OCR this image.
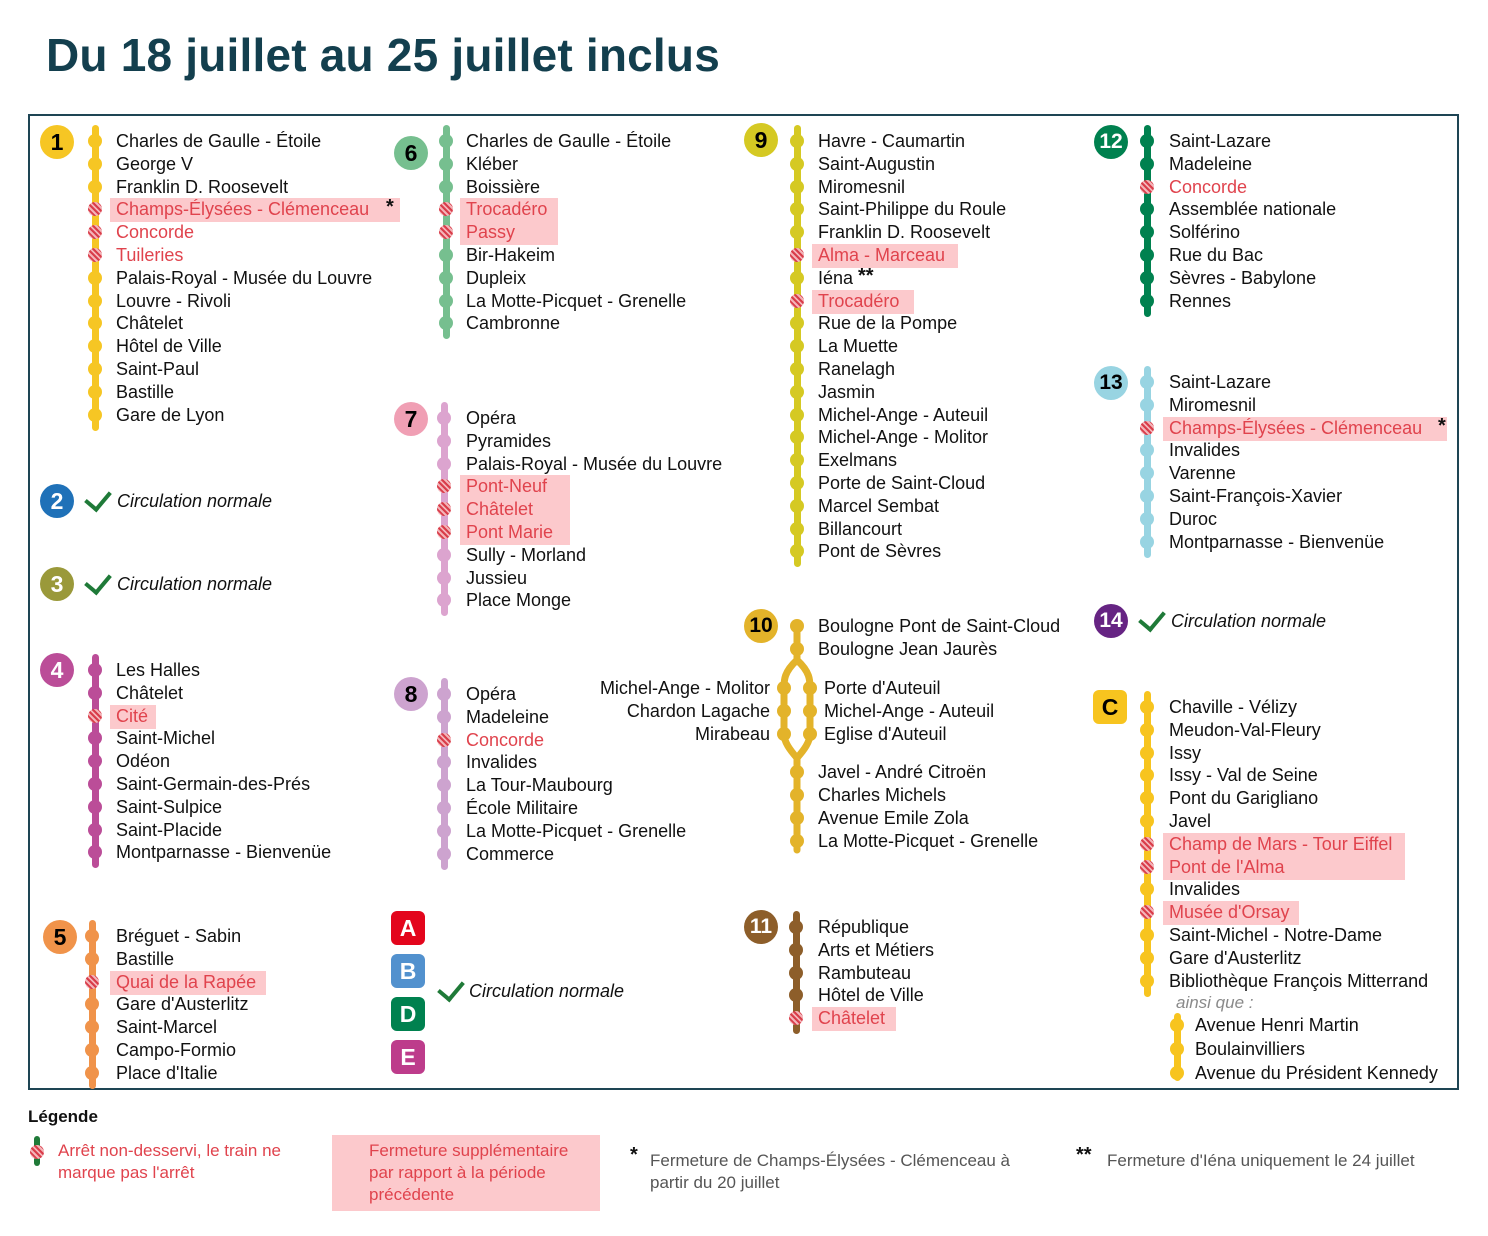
Du 18 juillet au 25 juillet inclus
1	Charles de Gaulle - Étoile
George V
Franklin D. Roosevelt
Champs-Élysées - Clémenceau
Concorde
Tuileries
Palais-Royal - Musée du Louvre
Louvre - Rivoli
Châtelet
Hôtel de Ville
Saint-Paul
Bastille
Gare de Lyon
*
2	Circulation normale
3	Circulation normale
4	Les Halles
Châtelet
Cité
Saint-Michel
Odéon
Saint-Germain-des-Prés
Saint-Sulpice
Saint-Placide
Montparnasse - Bienvenüe
5	Bréguet - Sabin
Bastille
Quai de la Rapée
Gare d'Austerlitz
Saint-Marcel
Campo-Formio
Place d'Italie
6	Charles de Gaulle - Étoile
Kléber
Boissière
Trocadéro
Passy
Bir-Hakeim
Dupleix
La Motte-Picquet - Grenelle
Cambronne
7	Opéra
Pyramides
Palais-Royal - Musée du Louvre
Pont-Neuf
Châtelet
Pont Marie
Sully - Morland
Jussieu
Place Monge
8	Opéra
Madeleine
Concorde
Invalides
La Tour-Maubourg
École Militaire
La Motte-Picquet - Grenelle
Commerce
A
B
D
E
Circulation normale
9	Havre - Caumartin
Saint-Augustin
Miromesnil
Saint-Philippe du Roule
Franklin D. Roosevelt
Alma - Marceau
Iéna
Trocadéro
Rue de la Pompe
La Muette
Ranelagh
Jasmin
Michel-Ange - Auteuil
Michel-Ange - Molitor
Exelmans
Porte de Saint-Cloud
Marcel Sembat
Billancourt
Pont de Sèvres
**
11	République
Arts et Métiers
Rambuteau
Hôtel de Ville
Châtelet
10	Boulogne Pont de Saint-Cloud
Boulogne Jean Jaurès
Michel-Ange - Molitor
Chardon Lagache
Mirabeau
Porte d'Auteuil
Michel-Ange - Auteuil
Eglise d'Auteuil
Javel - André Citroën
Charles Michels
Avenue Emile Zola
La Motte-Picquet - Grenelle
12	Saint-Lazare
Madeleine
Concorde
Assemblée nationale
Solférino
Rue du Bac
Sèvres - Babylone
Rennes
13	Saint-Lazare
Miromesnil
Champs-Élysées - Clémenceau
Invalides
Varenne
Saint-François-Xavier
Duroc
Montparnasse - Bienvenüe
*
14	Circulation normale
C	Chaville - Vélizy
Meudon-Val-Fleury
Issy
Issy - Val de Seine
Pont du Garigliano
Javel
Champ de Mars - Tour Eiffel
Pont de l'Alma
Invalides
Musée d'Orsay
Saint-Michel - Notre-Dame
Gare d'Austerlitz
Bibliothèque François Mitterrand
ainsi que :
Avenue Henri Martin
Boulainvilliers
Avenue du Président Kennedy
Légende
Arrêt non-desservi, le train ne marque pas l'arrêt
Fermeture supplémentaire par rapport à la période précédente
* Fermeture de Champs-Élysées - Clémenceau à partir du 20 juillet
** Fermeture d'Iéna uniquement le 24 juillet
